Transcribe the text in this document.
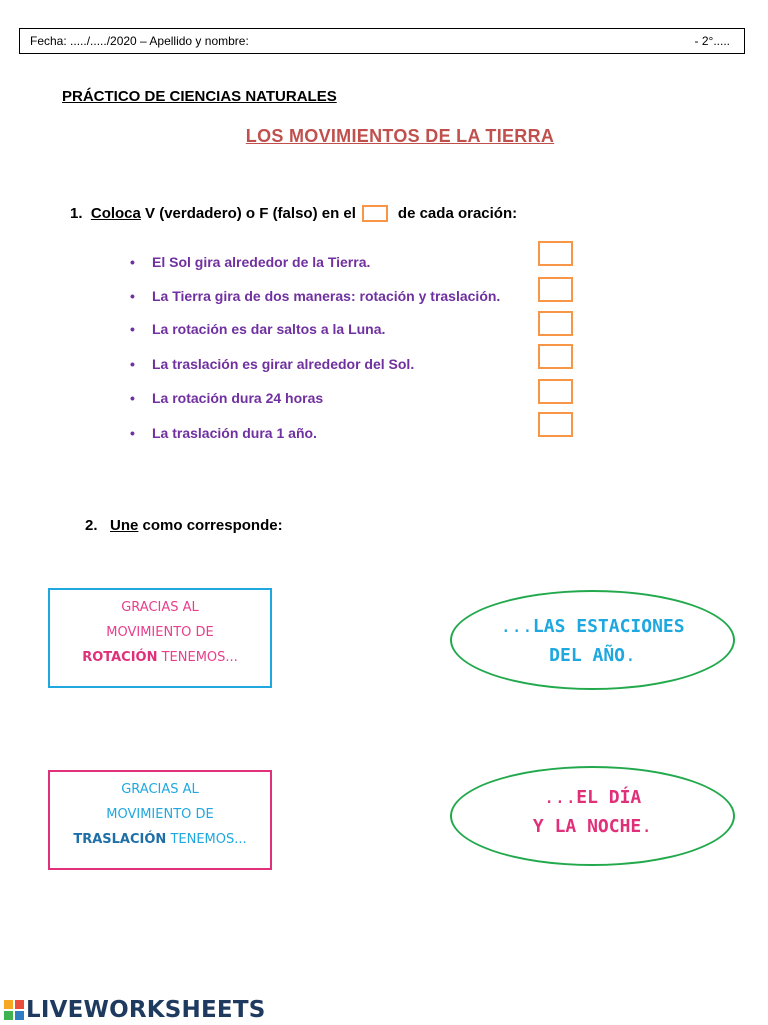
Fecha: ...../...../2020 – Apellido y nombre:	- 2°.....
PRÁCTICO DE CIENCIAS NATURALES
LOS MOVIMIENTOS DE LA TIERRA
1. Coloca V (verdadero) o F (falso) en el	de cada oración:
• El Sol gira alrededor de la Tierra.
• La Tierra gira de dos maneras: rotación y traslación.
• La rotación es dar saltos a la Luna.
• La traslación es girar alrededor del Sol.
• La rotación dura 24 horas
• La traslación dura 1 año.
2. Une como corresponde:
GRACIAS AL
MOVIMIENTO DE
ROTACIÓN TENEMOS...
GRACIAS AL
MOVIMIENTO DE
TRASLACIÓN TENEMOS...
...LAS ESTACIONES
DEL AÑO.
...EL DÍA
Y LA NOCHE.
LIVEWORKSHEETS
